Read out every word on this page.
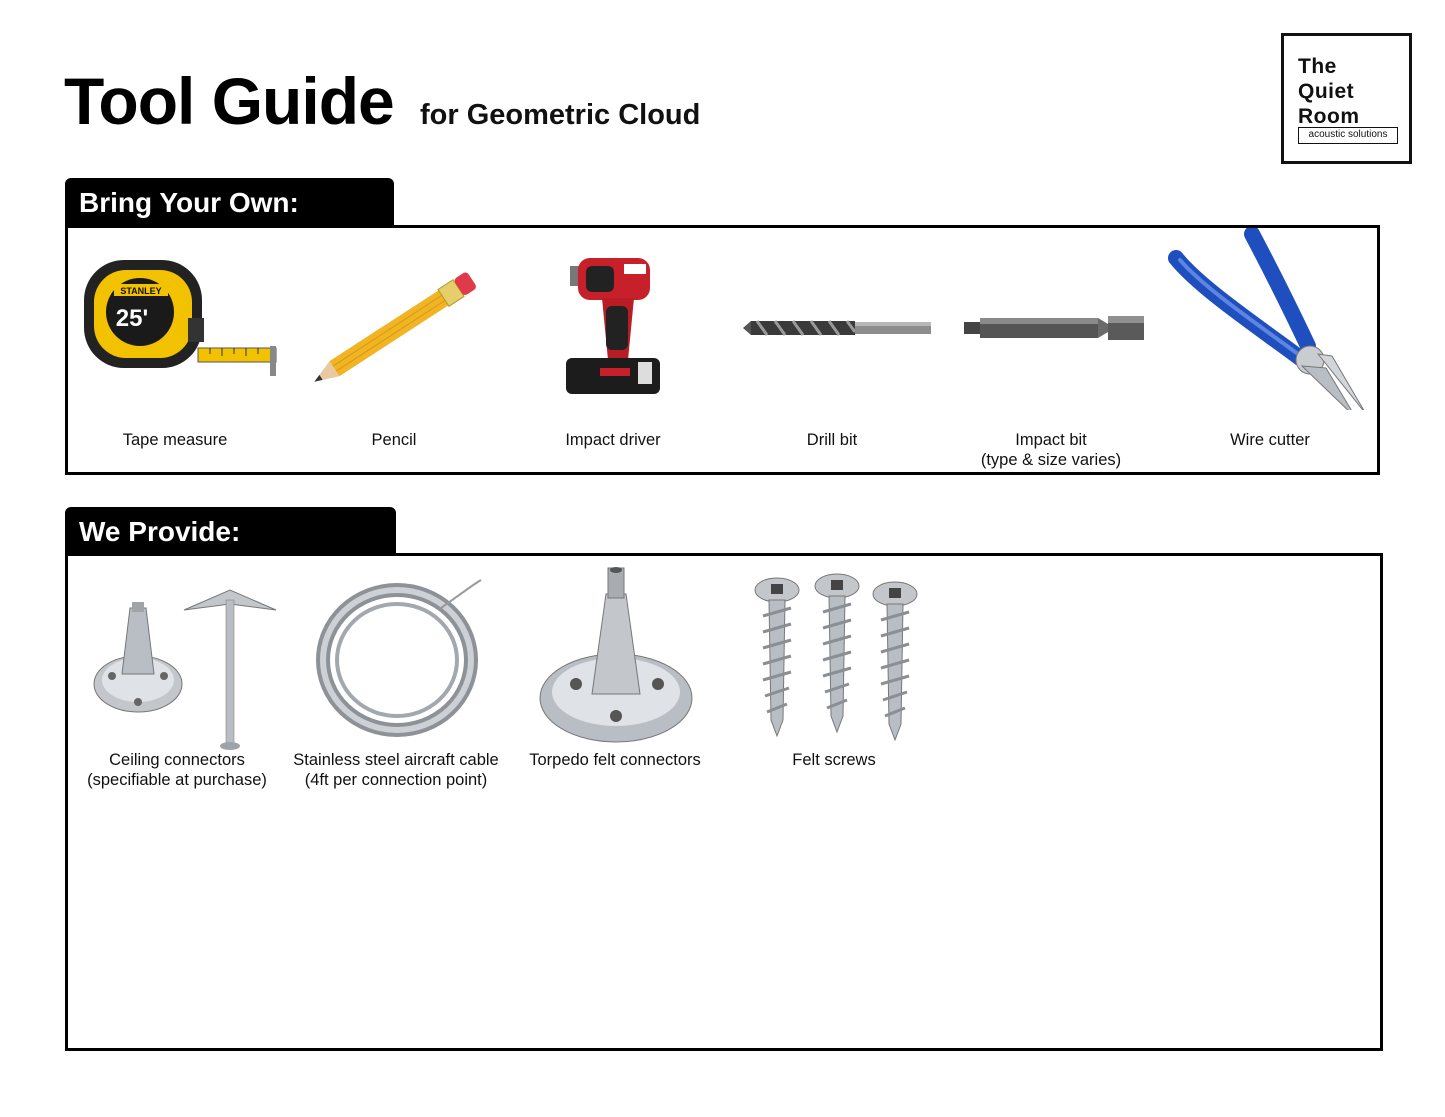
Tool Guide for Geometric Cloud
The
Quiet
Room
acoustic solutions
Bring Your Own:
STANLEY
25'
Tape measure	Pencil	Impact driver	Drill bit	Impact bit
(type & size varies)
Wire cutter
We Provide:
Ceiling connectors
(specifiable at purchase)
Stainless steel aircraft cable
(4ft per connection point)
Torpedo felt connectors	Felt screws
